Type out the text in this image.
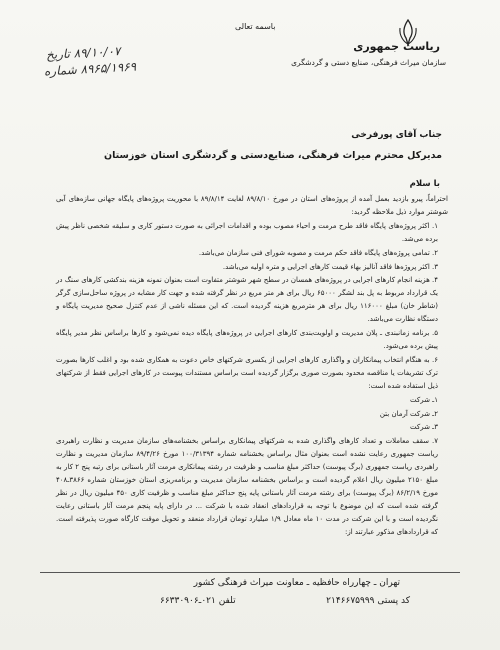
ریاست جمهوری
سازمان میراث فرهنگی، صنایع دستی و گردشگری
باسمه تعالی
۸۹/۱۰/۰۷ تاریخ
۸۹۶۵/۱۹۶۹ شماره
جناب آقای پورفرخی
مدیرکل محترم میراث فرهنگی، صنایع‌دستی و گردشگری استان خوزستان
با سلام

احتراماً، پیرو بازدید بعمل آمده از پروژه‌های استان در مورخ ۸۹/۸/۱۰ لغایت ۸۹/۸/۱۴ با محوریت پروژه‌های پایگاه جهانی سازه‌های آبی شوشتر موارد ذیل ملاحظه گردید:

۱. اکثر پروژه‌های پایگاه فاقد طرح مرمت و احیاء مصوب بوده و اقدامات اجرائی به صورت دستور کاری و سلیقه شخصی ناظر پیش برده می‌شد.

۲. تمامی پروژه‌های پایگاه فاقد حکم مرمت و مصوبه شورای فنی سازمان می‌باشد.

۳. اکثر پروژه‌ها فاقد آنالیز بهاء قیمت کارهای اجرایی و متره اولیه می‌باشد.

۴. هزینه انجام کارهای اجرایی در پروژه‌های همسان در سطح شهر شوشتر متفاوت است بعنوان نمونه هزینه بندکشی کارهای سنگ در یک قرارداد مربوط به پل بند لشگر ۶۵۰۰۰ ریال برای هر متر مربع در نظر گرفته شده و جهت کار مشابه در پروژه ساحل‌سازی گرگر (شاطر خان) مبلغ ۱۱۶۰۰۰ ریال برای هر مترمربع هزینه گردیده است. که این مسئله ناشی از عدم کنترل صحیح مدیریت پایگاه و دستگاه نظارت می‌باشد.

۵. برنامه زمانبندی ـ پلان مدیریت و اولویت‌بندی کارهای اجرایی در پروژه‌های پایگاه دیده نمی‌شود و کارها براساس نظر مدیر پایگاه پیش برده می‌شود.

۶. به هنگام انتخاب پیمانکاران و واگذاری کارهای اجرایی از یکسری شرکتهای خاص دعوت به همکاری شده بود و اغلب کارها بصورت ترک تشریفات یا مناقصه محدود بصورت صوری برگزار گردیده است براساس مستندات پیوست در کارهای اجرایی فقط از شرکتهای ذیل استفاده شده است:

۱ـ شرکت

۲ـ شرکت آرمان بتن

۳ـ شرکت

۷. سقف معاملات و تعداد کارهای واگذاری شده به شرکتهای پیمانکاری براساس بخشنامه‌های سازمان مدیریت و نظارت راهبردی ریاست جمهوری رعایت نشده است بعنوان مثال براساس بخشنامه شماره ۱۰۰/۳۱۳۹۴ مورخ ۸۹/۴/۲۶ سازمان مدیریت و نظارت راهبردی ریاست جمهوری (برگ پیوست) حداکثر مبلغ مناسب و ظرفیت در رشته پیمانکاری مرمت آثار باستانی برای رتبه پنج ۲ کار به مبلغ ۲۱۵۰ میلیون ریال اعلام گردیده است و براساس بخشنامه سازمان مدیریت و برنامه‌ریزی استان خوزستان شماره ۳۸۶۶ـ۴۰۸ مورخ ۸۶/۲/۱۹ (برگ پیوست) برای رشته مرمت آثار باستانی پایه پنج حداکثر مبلغ مناسب و ظرفیت کاری ۴۵۰ میلیون ریال در نظر گرفته شده است که این موضوع با توجه به قراردادهای انعقاد شده با شرکت ... در دارای پایه پنجم مرمت آثار باستانی رعایت نگردیده است و با این شرکت در مدت ۱۰ ماه معادل ۱/۹ میلیارد تومان قرارداد منعقد و تحویل موقت کارگاه صورت پذیرفته است. که قراردادهای مذکور عبارتند از:

تهران ـ چهارراه حافظیه ـ معاونت میراث فرهنگی کشور
کد پستی ۲۱۴۶۶۷۵۹۹۹
تلفن ۰۲۱ـ۶۶۳۳۰۹۰۶
